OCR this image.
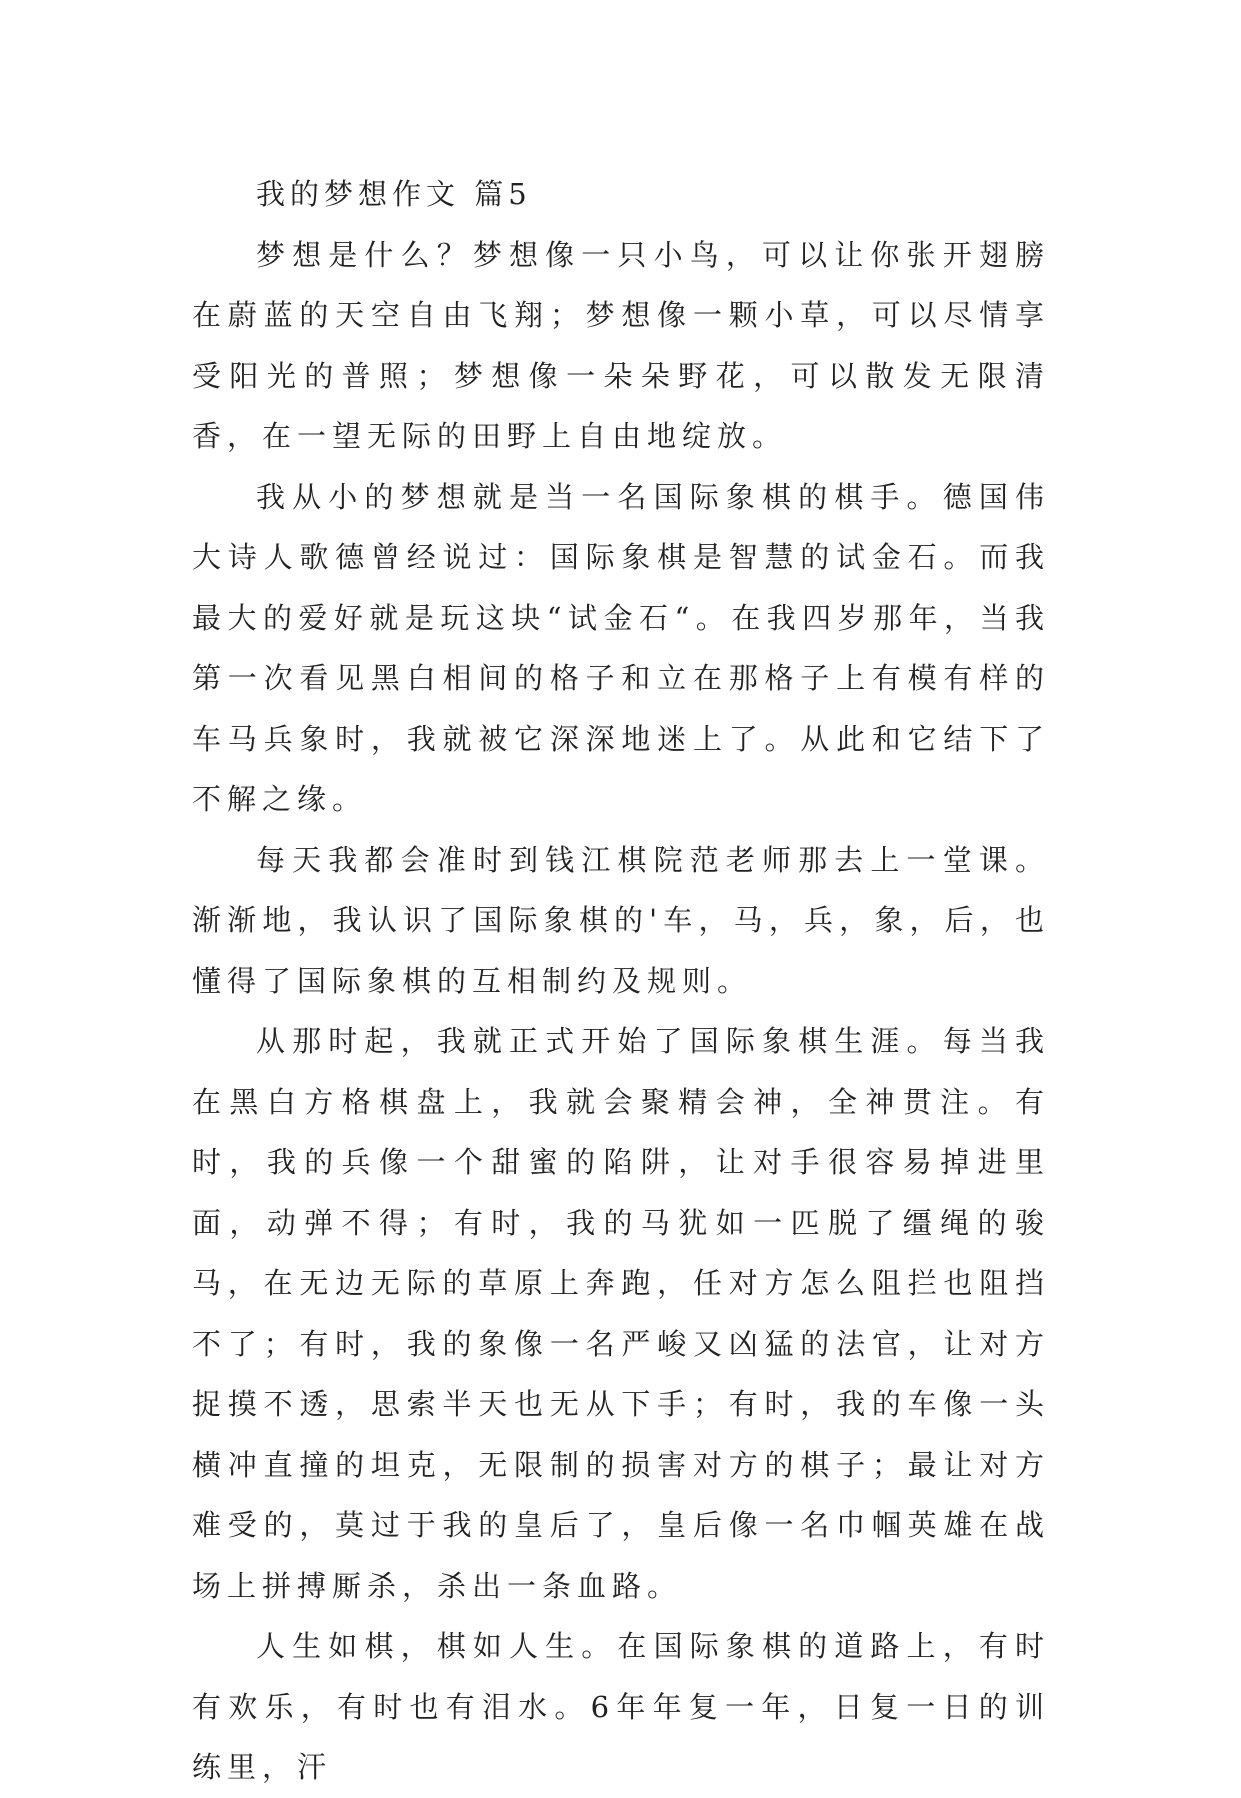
我的梦想作文 篇5

梦想是什么？梦想像一只小鸟，可以让你张开翅膀在蔚蓝的天空自由飞翔；梦想像一颗小草，可以尽情享受阳光的普照；梦想像一朵朵野花，可以散发无限清香，在一望无际的田野上自由地绽放。

我从小的梦想就是当一名国际象棋的棋手。德国伟大诗人歌德曾经说过：国际象棋是智慧的试金石。而我最大的爱好就是玩这块“试金石“。在我四岁那年，当我第一次看见黑白相间的格子和立在那格子上有模有样的车马兵象时，我就被它深深地迷上了。从此和它结下了不解之缘。

每天我都会准时到钱江棋院范老师那去上一堂课。渐渐地，我认识了国际象棋的'车，马，兵，象，后，也懂得了国际象棋的互相制约及规则。

从那时起，我就正式开始了国际象棋生涯。每当我在黑白方格棋盘上，我就会聚精会神，全神贯注。有时，我的兵像一个甜蜜的陷阱，让对手很容易掉进里面，动弹不得；有时，我的马犹如一匹脱了缰绳的骏马，在无边无际的草原上奔跑，任对方怎么阻拦也阻挡不了；有时，我的象像一名严峻又凶猛的法官，让对方捉摸不透，思索半天也无从下手；有时，我的车像一头横冲直撞的坦克，无限制的损害对方的棋子；最让对方难受的，莫过于我的皇后了，皇后像一名巾帼英雄在战场上拼搏厮杀，杀出一条血路。

人生如棋，棋如人生。在国际象棋的道路上，有时有欢乐，有时也有泪水。6年年复一年，日复一日的训练里，汗
